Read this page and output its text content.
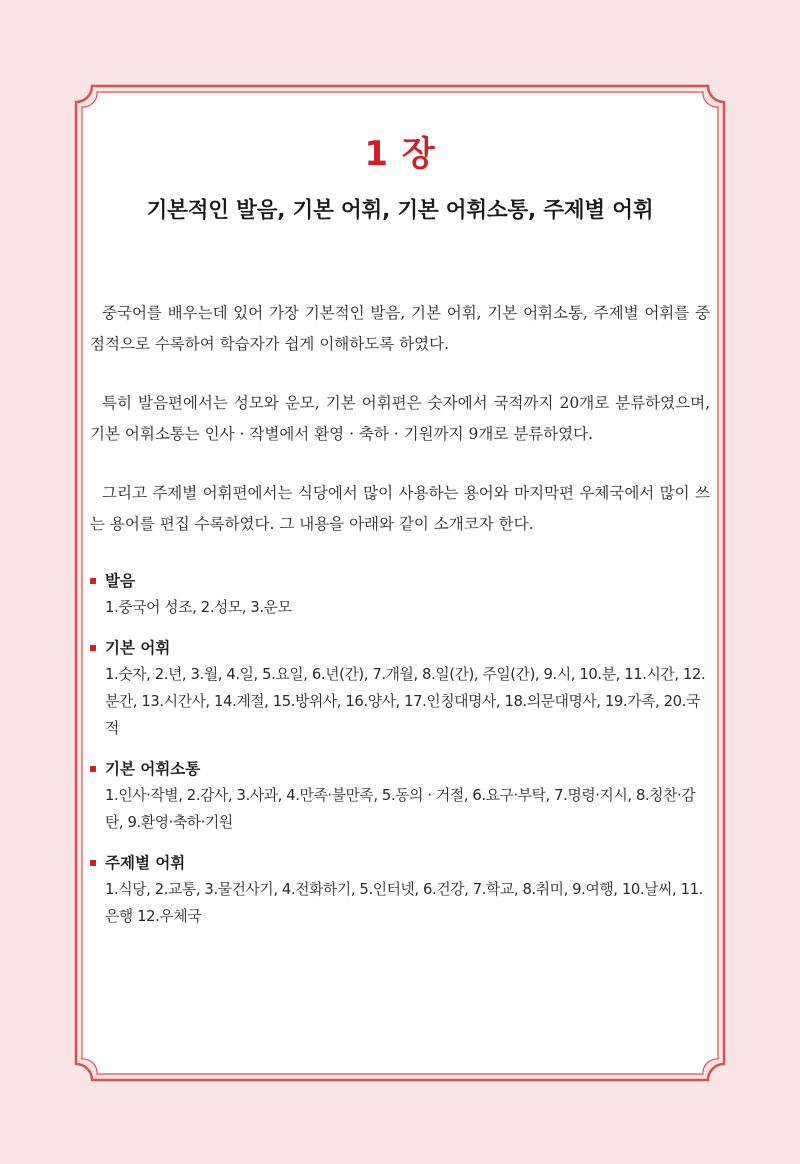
1 장
기본적인 발음, 기본 어휘, 기본 어휘소통, 주제별 어휘

중국어를 배우는데 있어 가장 기본적인 발음, 기본 어휘, 기본 어휘소통, 주제별 어휘를 중점적으로 수록하여 학습자가 쉽게 이해하도록 하였다.

특히 발음편에서는 성모와 운모, 기본 어휘편은 숫자에서 국적까지 20개로 분류하였으며, 기본 어휘소통는 인사 · 작별에서 환영 · 축하 · 기원까지 9개로 분류하였다.

그리고 주제별 어휘편에서는 식당에서 많이 사용하는 용어와 마지막편 우체국에서 많이 쓰는 용어를 편집 수록하였다. 그 내용을 아래와 같이 소개코자 한다.

발음
1.중국어 성조, 2.성모, 3.운모
기본 어휘
1.숫자, 2.년, 3.월, 4.일, 5.요일, 6.년(간), 7.개월, 8.일(간), 주일(간), 9.시, 10.분, 11.시간, 12.분간, 13.시간사, 14.계절, 15.방위사, 16.양사, 17.인칭대명사, 18.의문대명사, 19.가족, 20.국적
기본 어휘소통
1.인사·작별, 2.감사, 3.사과, 4.만족·불만족, 5.동의 · 거절, 6.요구·부탁, 7.명령·지시, 8.칭찬·감탄, 9.환영·축하·기원
주제별 어휘
1.식당, 2.교통, 3.물건사기, 4.전화하기, 5.인터넷, 6.건강, 7.학교, 8.취미, 9.여행, 10.날씨, 11.은행 12.우체국
